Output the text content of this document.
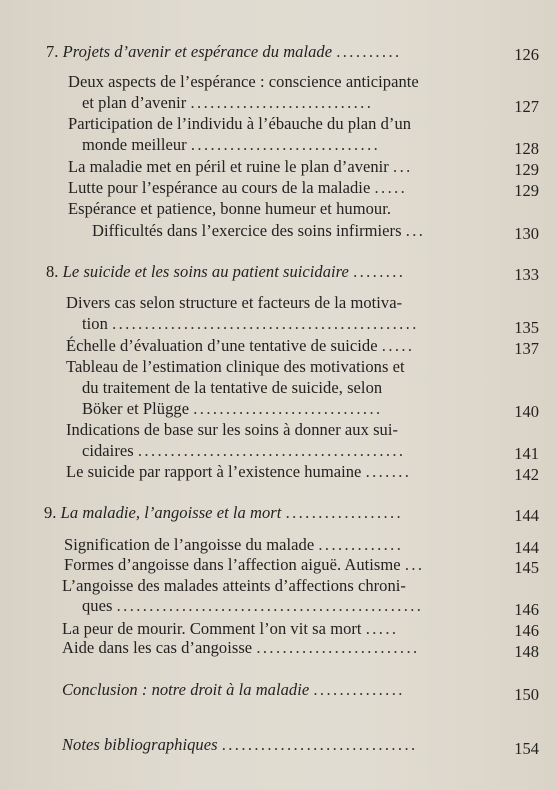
7. Projets d’avenir et espérance du malade ..........	126
Deux aspects de l’espérance : conscience anticipante
et plan d’avenir ............................	127
Participation de l’individu à l’ébauche du plan d’un
monde meilleur .............................	128
La maladie met en péril et ruine le plan d’avenir ...	129
Lutte pour l’espérance au cours de la maladie .....	129
Espérance et patience, bonne humeur et humour.
Difficultés dans l’exercice des soins infirmiers ...	130
8. Le suicide et les soins au patient suicidaire ........	133
Divers cas selon structure et facteurs de la motiva-
tion ...............................................	135
Échelle d’évaluation d’une tentative de suicide .....	137
Tableau de l’estimation clinique des motivations et
du traitement de la tentative de suicide, selon
Böker et Plügge .............................	140
Indications de base sur les soins à donner aux sui-
cidaires .........................................	141
Le suicide par rapport à l’existence humaine .......	142
9. La maladie, l’angoisse et la mort ..................	144
Signification de l’angoisse du malade .............	144
Formes d’angoisse dans l’affection aiguë. Autisme ...	145
L’angoisse des malades atteints d’affections chroni-
ques ...............................................	146
La peur de mourir. Comment l’on vit sa mort .....	146
Aide dans les cas d’angoisse .........................	148
Conclusion : notre droit à la maladie ..............	150
Notes bibliographiques ..............................	154
